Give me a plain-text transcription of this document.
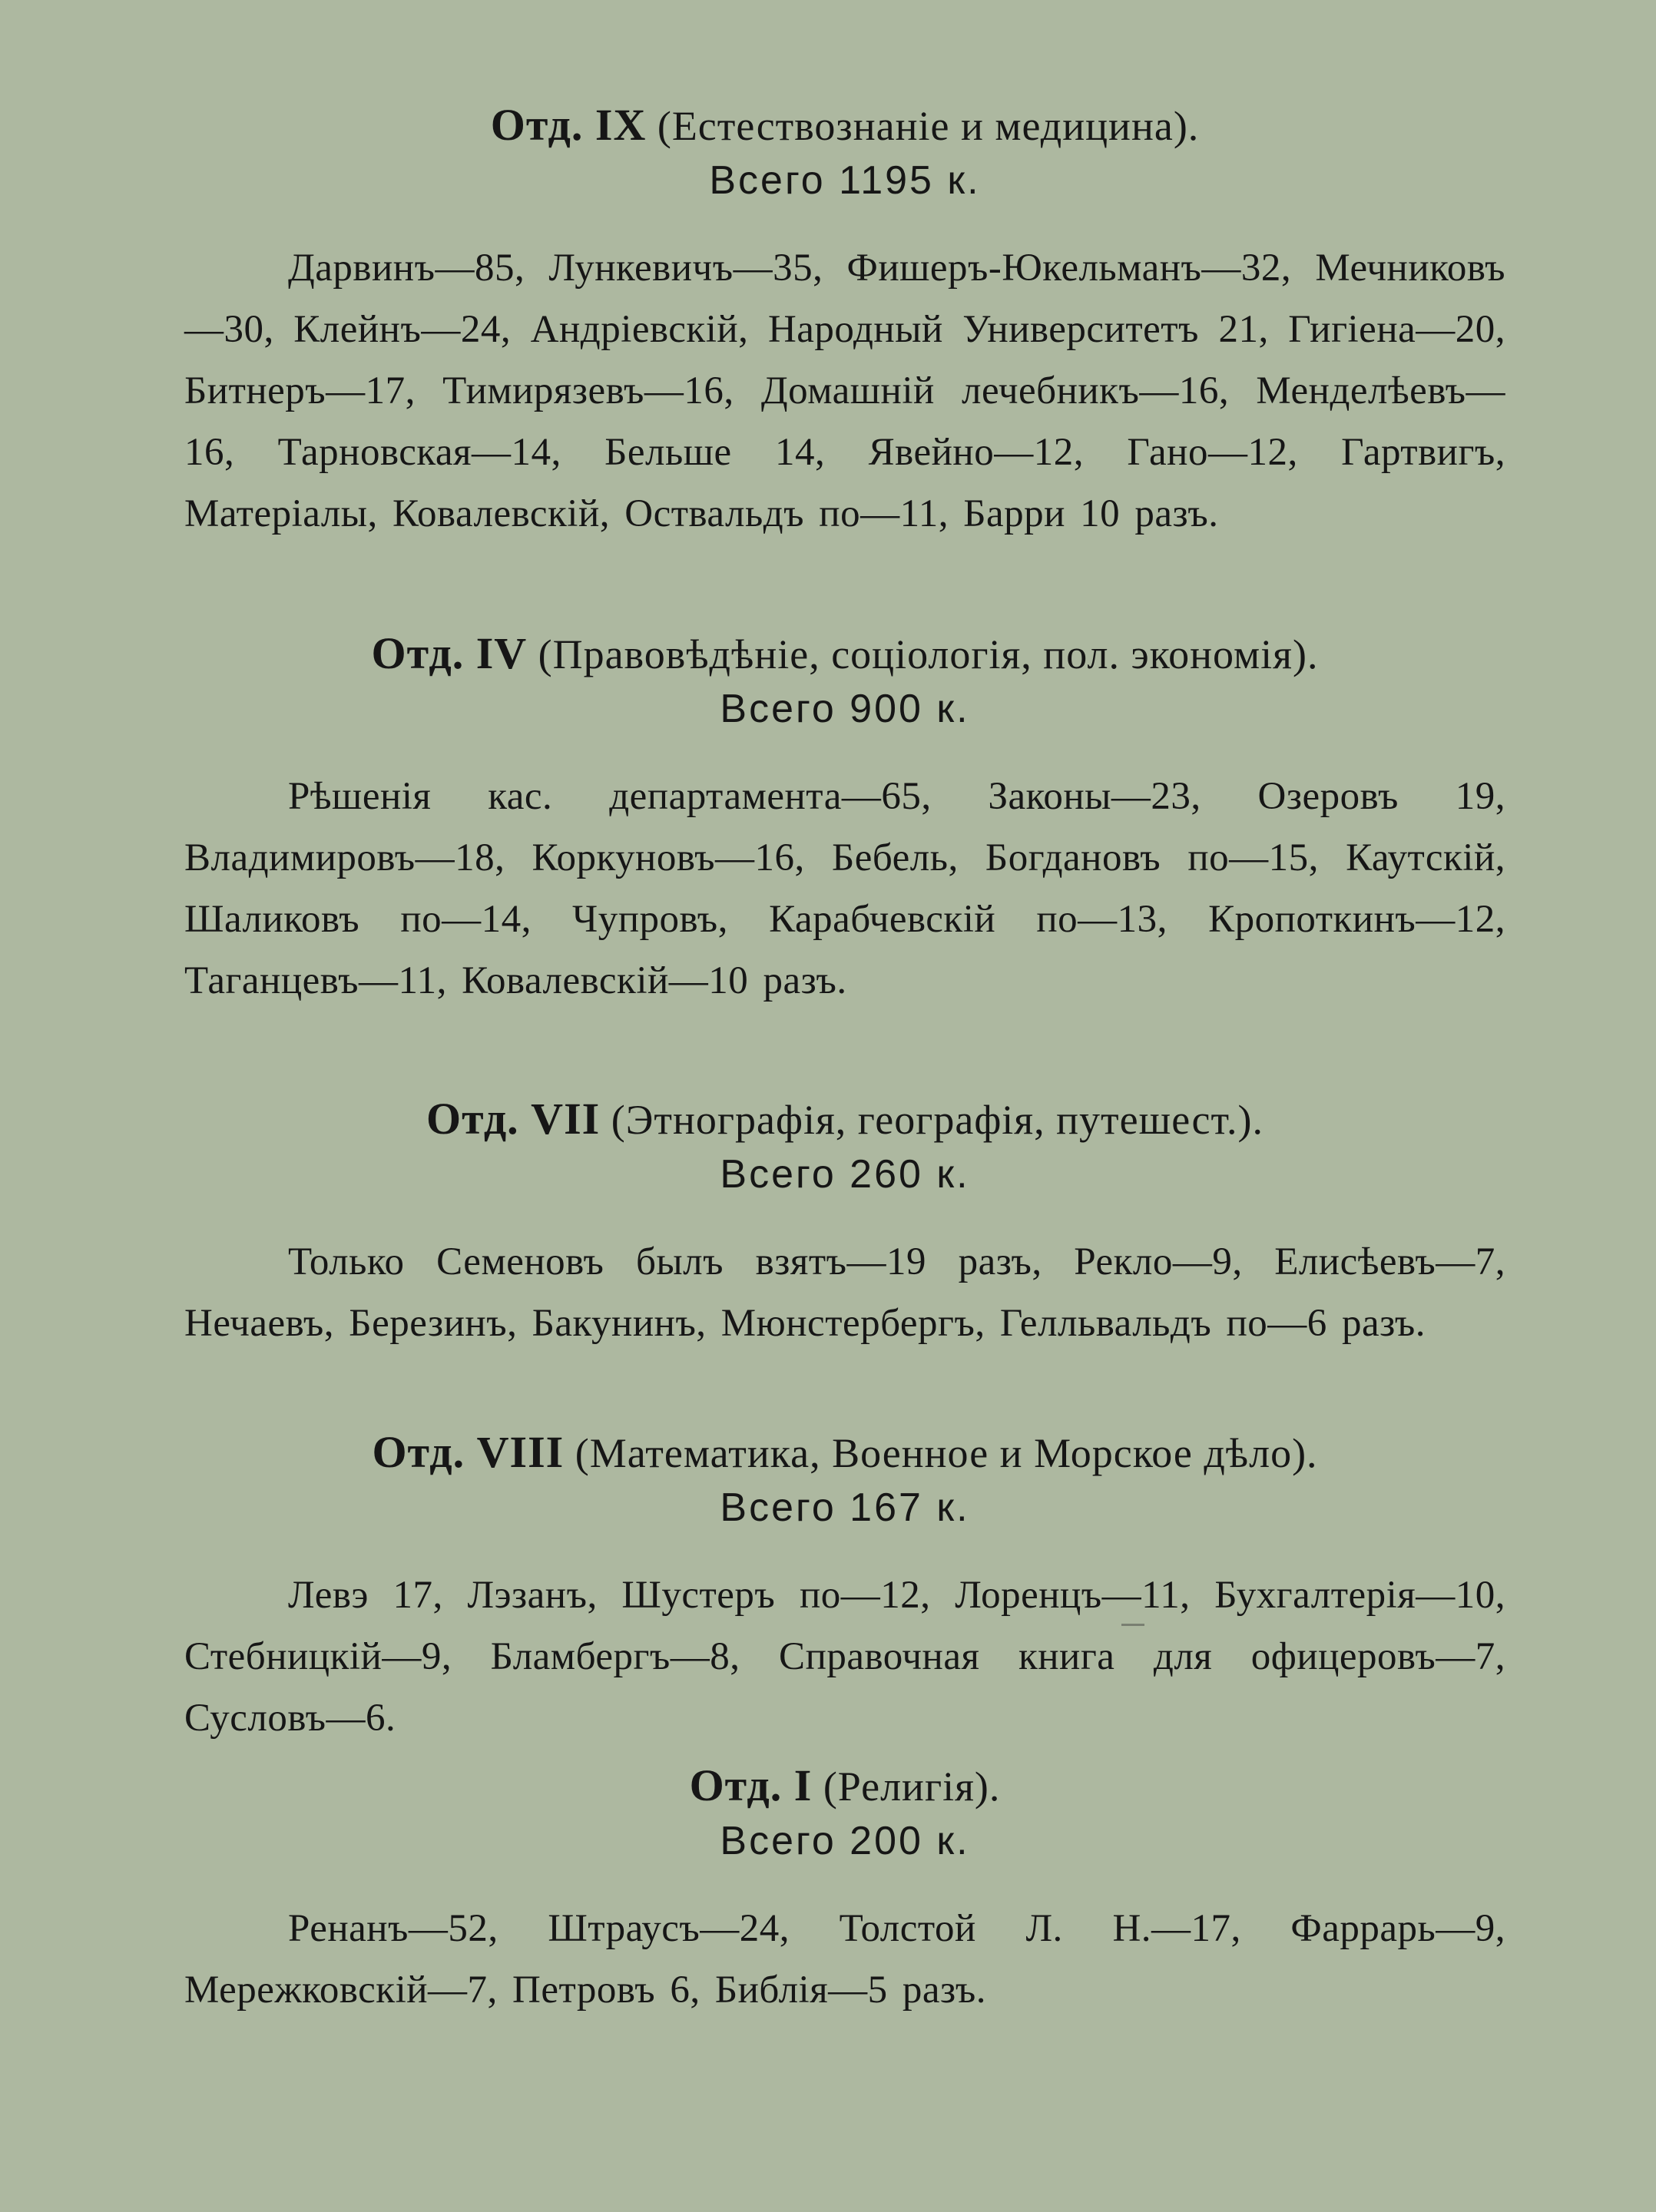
Отд. IX (Естествознаніе и медицина).
Всего 1195 к.
Дарвинъ—85, Лункевичъ—35, Фишеръ-Юкельманъ—32, Мечниковъ—30, Клейнъ—24, Андріевскій, Народный Университетъ 21, Гигіена—20, Битнеръ—17, Тимирязевъ—16, Домашній лечебникъ—16, Менделѣевъ—16, Тарновская—14, Бельше 14, Явейно—12, Гано—12, Гартвигъ, Матеріалы, Ковалевскій, Оствальдъ по—11, Барри 10 разъ.
Отд. IV (Правовѣдѣніе, соціологія, пол. экономія).
Всего 900 к.
Рѣшенія кас. департамента—65, Законы—23, Озеровъ 19, Владимировъ—18, Коркуновъ—16, Бебель, Богдановъ по—15, Каутскій, Шаликовъ по—14, Чупровъ, Карабчевскій по—13, Кропоткинъ—12, Таганцевъ—11, Ковалевскій—10 разъ.
Отд. VII (Этнографія, географія, путешест.).
Всего 260 к.
Только Семеновъ былъ взятъ—19 разъ, Рекло—9, Елисѣевъ—7, Нечаевъ, Березинъ, Бакунинъ, Мюнстербергъ, Гелльвальдъ по—6 разъ.
Отд. VIII (Математика, Военное и Морское дѣло).
Всего 167 к.
Левэ 17, Лэзанъ, Шустеръ по—12, Лоренцъ—11, Бухгалтерія—10, Стебницкій—9, Бламбергъ—8, Справочная книга для офицеровъ—7, Сусловъ—6.
Отд. I (Религія).
Всего 200 к.
Ренанъ—52, Штраусъ—24, Толстой Л. Н.—17, Фаррарь—9, Мережковскій—7, Петровъ 6, Библія—5 разъ.
